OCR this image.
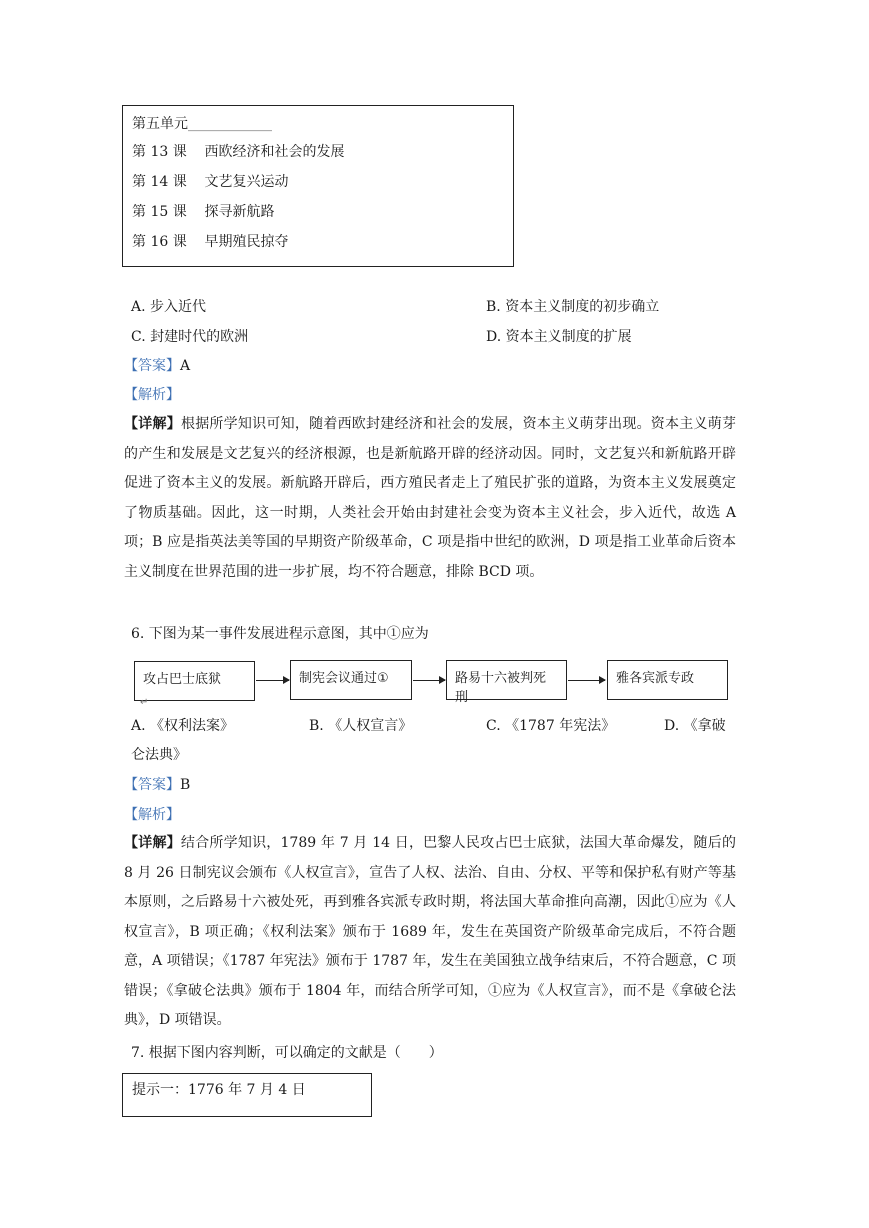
第五单元____________
第 13 课 西欧经济和社会的发展
第 14 课 文艺复兴运动
第 15 课 探寻新航路
第 16 课 早期殖民掠夺
A. 步入近代	B. 资本主义制度的初步确立
C. 封建时代的欧洲	D. 资本主义制度的扩展
【答案】A
【解析】
【详解】根据所学知识可知，随着西欧封建经济和社会的发展，资本主义萌芽出现。资本主义萌芽的产生和发展是文艺复兴的经济根源，也是新航路开辟的经济动因。同时，文艺复兴和新航路开辟促进了资本主义的发展。新航路开辟后，西方殖民者走上了殖民扩张的道路，为资本主义发展奠定了物质基础。因此，这一时期，人类社会开始由封建社会变为资本主义社会，步入近代，故选 A 项；B 应是指英法美等国的早期资产阶级革命，C 项是指中世纪的欧洲，D 项是指工业革命后资本主义制度在世界范围的进一步扩展，均不符合题意，排除 BCD 项。
6. 下图为某一事件发展进程示意图，其中①应为
攻占巴士底狱	制宪会议通过①	路易十六被判死刑
雅各宾派专政
↵
A. 《权利法案》	B. 《人权宣言》	C. 《1787 年宪法》	D. 《拿破
仑法典》
【答案】B
【解析】
【详解】结合所学知识，1789 年 7 月 14 日，巴黎人民攻占巴士底狱，法国大革命爆发，随后的 8 月 26 日制宪议会颁布《人权宣言》，宣告了人权、法治、自由、分权、平等和保护私有财产等基本原则，之后路易十六被处死，再到雅各宾派专政时期，将法国大革命推向高潮，因此①应为《人权宣言》，B 项正确；《权利法案》颁布于 1689 年，发生在英国资产阶级革命完成后，不符合题意，A 项错误；《1787 年宪法》颁布于 1787 年，发生在美国独立战争结束后，不符合题意，C 项错误；《拿破仑法典》颁布于 1804 年，而结合所学可知，①应为《人权宣言》，而不是《拿破仑法典》，D 项错误。
7. 根据下图内容判断，可以确定的文献是（　　）
提示一：1776 年 7 月 4 日
